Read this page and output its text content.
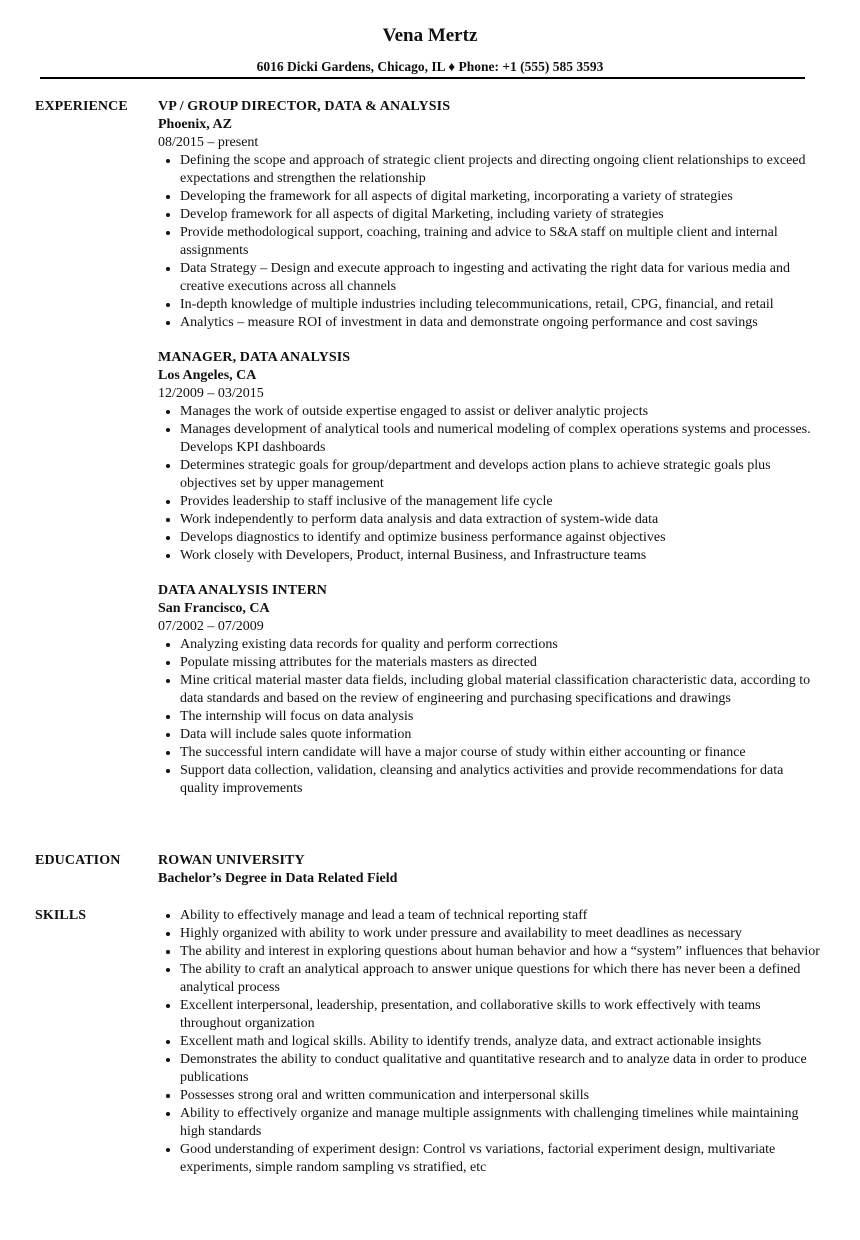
Vena Mertz
6016 Dicki Gardens, Chicago, IL ♦ Phone: +1 (555) 585 3593
EXPERIENCE VP / GROUP DIRECTOR, DATA & ANALYSIS
Phoenix, AZ
08/2015 – present
• Defining the scope and approach of strategic client projects and directing ongoing client relationships to exceed expectations and strengthen the relationship
• Developing the framework for all aspects of digital marketing, incorporating a variety of strategies
• Develop framework for all aspects of digital Marketing, including variety of strategies
• Provide methodological support, coaching, training and advice to S&A staff on multiple client and internal assignments
• Data Strategy – Design and execute approach to ingesting and activating the right data for various media and creative executions across all channels
• In-depth knowledge of multiple industries including telecommunications, retail, CPG, financial, and retail
• Analytics – measure ROI of investment in data and demonstrate ongoing performance and cost savings
MANAGER, DATA ANALYSIS
Los Angeles, CA
12/2009 – 03/2015
• Manages the work of outside expertise engaged to assist or deliver analytic projects
• Manages development of analytical tools and numerical modeling of complex operations systems and processes. Develops KPI dashboards
• Determines strategic goals for group/department and develops action plans to achieve strategic goals plus objectives set by upper management
• Provides leadership to staff inclusive of the management life cycle
• Work independently to perform data analysis and data extraction of system-wide data
• Develops diagnostics to identify and optimize business performance against objectives
• Work closely with Developers, Product, internal Business, and Infrastructure teams
DATA ANALYSIS INTERN
San Francisco, CA
07/2002 – 07/2009
• Analyzing existing data records for quality and perform corrections
• Populate missing attributes for the materials masters as directed
• Mine critical material master data fields, including global material classification characteristic data, according to data standards and based on the review of engineering and purchasing specifications and drawings
• The internship will focus on data analysis
• Data will include sales quote information
• The successful intern candidate will have a major course of study within either accounting or finance
• Support data collection, validation, cleansing and analytics activities and provide recommendations for data quality improvements
EDUCATION	ROWAN UNIVERSITY
Bachelor’s Degree in Data Related Field
SKILLS
•	Ability to effectively manage and lead a team of technical reporting staff
• Highly organized with ability to work under pressure and availability to meet deadlines as necessary
• The ability and interest in exploring questions about human behavior and how a “system” influences that behavior
• The ability to craft an analytical approach to answer unique questions for which there has never been a defined analytical process
• Excellent interpersonal, leadership, presentation, and collaborative skills to work effectively with teams throughout organization
• Excellent math and logical skills. Ability to identify trends, analyze data, and extract actionable insights
• Demonstrates the ability to conduct qualitative and quantitative research and to analyze data in order to produce publications
• Possesses strong oral and written communication and interpersonal skills
• Ability to effectively organize and manage multiple assignments with challenging timelines while maintaining high standards
• Good understanding of experiment design: Control vs variations, factorial experiment design, multivariate experiments, simple random sampling vs stratified, etc
